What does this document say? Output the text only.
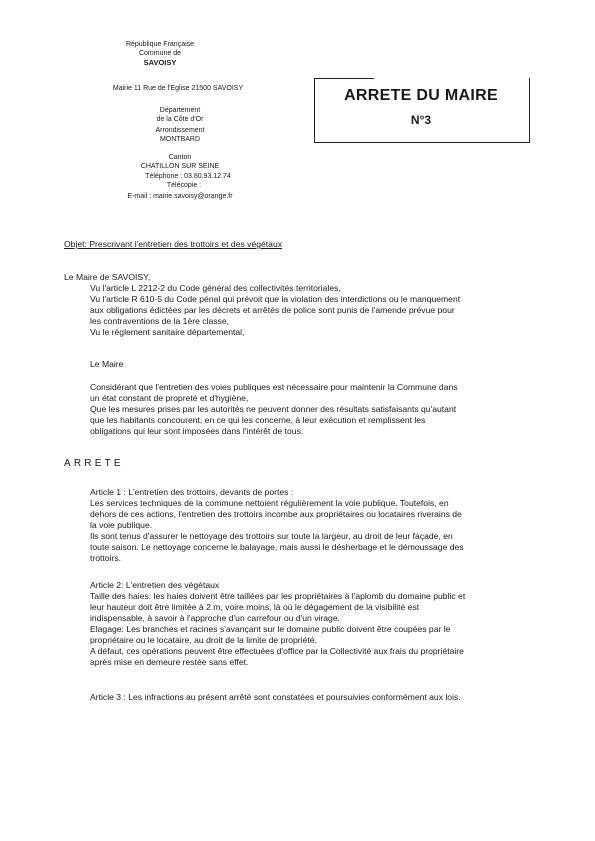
République Française
Commune de
SAVOISY
Mairie 11 Rue de l'Eglise 21500 SAVOISY
Département
de la Côte d'Or
Arrondissement
MONTBARD
Canton
CHATILLON SUR SEINE
Téléphone : 03.80.93.12.74
Télécopie :
E-mail : mairie.savoisy@orange.fr
ARRETE DU MAIRE
N°3
Objet: Prescrivant l'entretien des trottoirs et des végétaux
Le Maire de SAVOISY,
Vu l'article L 2212-2 du Code général des collectivités territoriales,
Vu l'article R 610-5 du Code pénal qui prévoit que la violation des interdictions ou le manquement
aux obligations édictées par les décrets et arrêtés de police sont punis de l'amende prévue pour
les contraventions de la 1ère classe,
Vu le règlement sanitaire départemental,
Le Maire
Considérant que l'entretien des voies publiques est nécessaire pour maintenir la Commune dans
un état constant de propreté et d'hygiène,
Que les mesures prises par les autorités ne peuvent donner des résultats satisfaisants qu'autant
que les habitants concourent, en ce qui les concerne, à leur exécution et remplissent les
obligations qui leur sont imposées dans l'intérêt de tous.
ARRETE
Article 1 : L'entretien des trottoirs, devants de portes :
Les services techniques de la commune nettoient régulièrement la voie publique. Toutefois, en
dehors de ces actions, l'entretien des trottoirs incombe aux propriétaires ou locataires riverains de
la voie publique.
Ils sont tenus d'assurer le nettoyage des trottoirs sur toute la largeur, au droit de leur façade, en
toute saison. Le nettoyage concerne le balayage, mais aussi le désherbage et le démoussage des
trottoirs.
Article 2: L'entretien des végétaux
Taille des haies: les haies doivent être taillées par les propriétaires à l'aplomb du domaine public et
leur hauteur doit être limitée à 2 m, voire moins, là où le dégagement de la visibilité est
indispensable, à savoir à l'approche d'un carrefour ou d'un virage.
Elagage: Les branches et racines s'avançant sur le domaine public doivent être coupées par le
propriétaire ou le locataire, au droit de la limite de propriété.
A défaut, ces opérations peuvent être effectuées d'office par la Collectivité aux frais du propriétaire
après mise en demeure restée sans effet.
Article 3 : Les infractions au présent arrêté sont constatées et poursuivies conformément aux lois.
